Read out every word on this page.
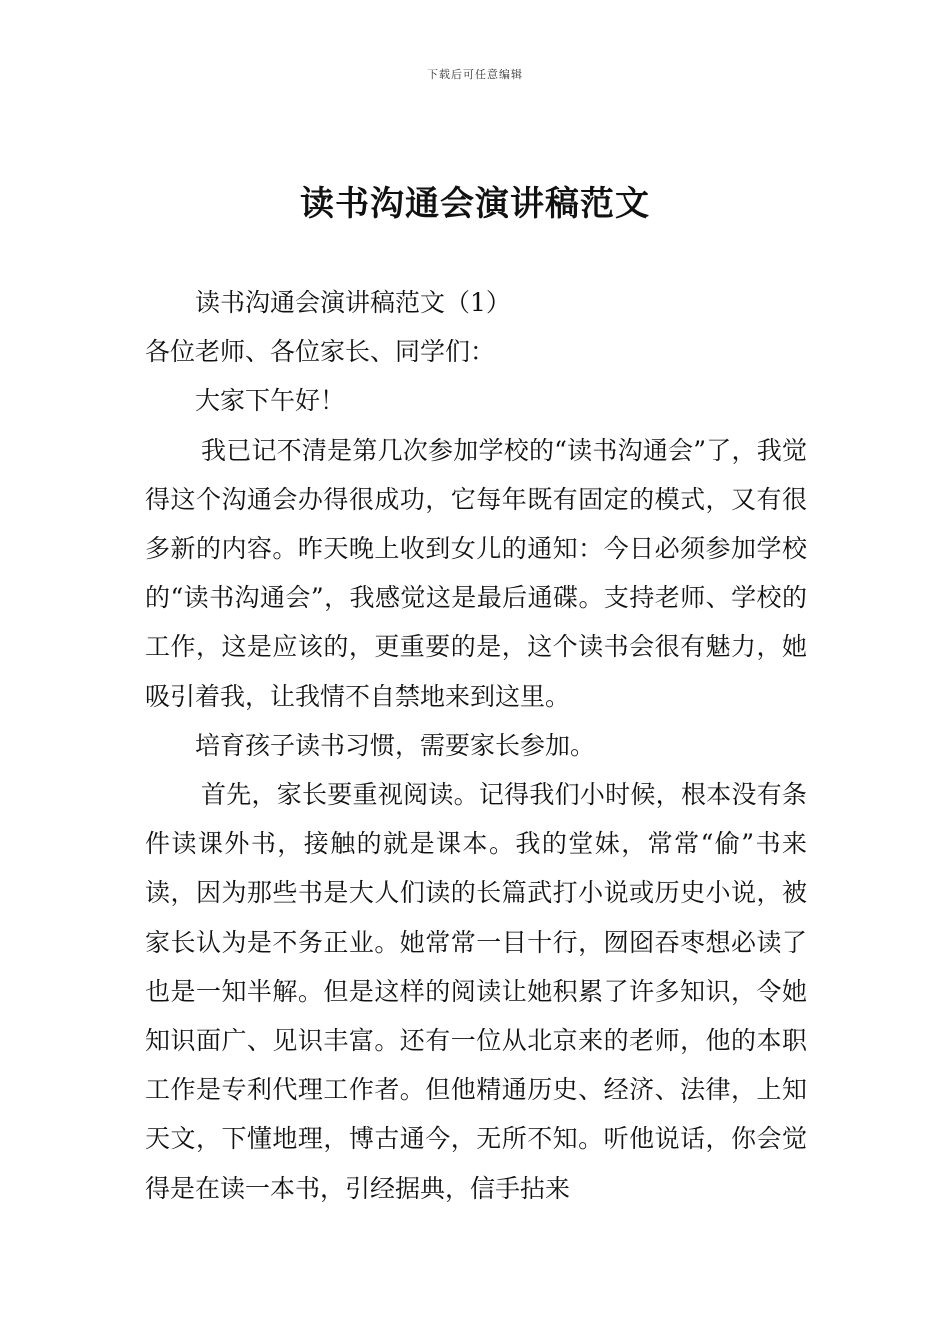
下载后可任意编辑
读书沟通会演讲稿范文

读书沟通会演讲稿范文（1）

各位老师、各位家长、同学们：

大家下午好！

我已记不清是第几次参加学校的“读书沟通会”了，我觉得这个沟通会办得很成功，它每年既有固定的模式，又有很多新的内容。昨天晚上收到女儿的通知：今日必须参加学校的“读书沟通会”，我感觉这是最后通碟。支持老师、学校的工作，这是应该的，更重要的是，这个读书会很有魅力，她吸引着我，让我情不自禁地来到这里。

培育孩子读书习惯，需要家长参加。

首先，家长要重视阅读。记得我们小时候，根本没有条件读课外书，接触的就是课本。我的堂妹，常常“偷”书来读，因为那些书是大人们读的长篇武打小说或历史小说，被家长认为是不务正业。她常常一目十行，囫囵吞枣想必读了也是一知半解。但是这样的阅读让她积累了许多知识，令她知识面广、见识丰富。还有一位从北京来的老师，他的本职工作是专利代理工作者。但他精通历史、经济、法律，上知天文，下懂地理，博古通今，无所不知。听他说话，你会觉得是在读一本书，引经据典，信手拈来
